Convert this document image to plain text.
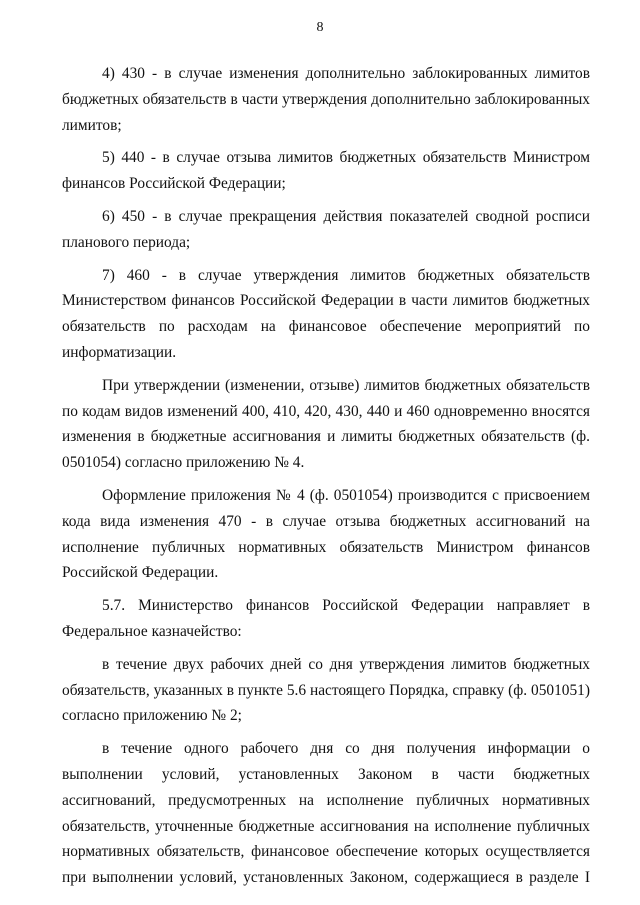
8

4) 430 - в случае изменения дополнительно заблокированных лимитов бюджетных обязательств в части утверждения дополнительно заблокированных лимитов;

5) 440 - в случае отзыва лимитов бюджетных обязательств Министром финансов Российской Федерации;

6) 450 - в случае прекращения действия показателей сводной росписи планового периода;

7) 460 - в случае утверждения лимитов бюджетных обязательств Министерством финансов Российской Федерации в части лимитов бюджетных обязательств по расходам на финансовое обеспечение мероприятий по информатизации.

При утверждении (изменении, отзыве) лимитов бюджетных обязательств по кодам видов изменений 400, 410, 420, 430, 440 и 460 одновременно вносятся изменения в бюджетные ассигнования и лимиты бюджетных обязательств (ф. 0501054) согласно приложению № 4.

Оформление приложения № 4 (ф. 0501054) производится с присвоением кода вида изменения 470 - в случае отзыва бюджетных ассигнований на исполнение публичных нормативных обязательств Министром финансов Российской Федерации.

5.7. Министерство финансов Российской Федерации направляет в Федеральное казначейство:

в течение двух рабочих дней со дня утверждения лимитов бюджетных обязательств, указанных в пункте 5.6 настоящего Порядка, справку (ф. 0501051) согласно приложению № 2;

в течение одного рабочего дня со дня получения информации о выполнении условий, установленных Законом в части бюджетных ассигнований, предусмотренных на исполнение публичных нормативных обязательств, уточненные бюджетные ассигнования на исполнение публичных нормативных обязательств, финансовое обеспечение которых осуществляется при выполнении условий, установленных Законом, содержащиеся в разделе I
